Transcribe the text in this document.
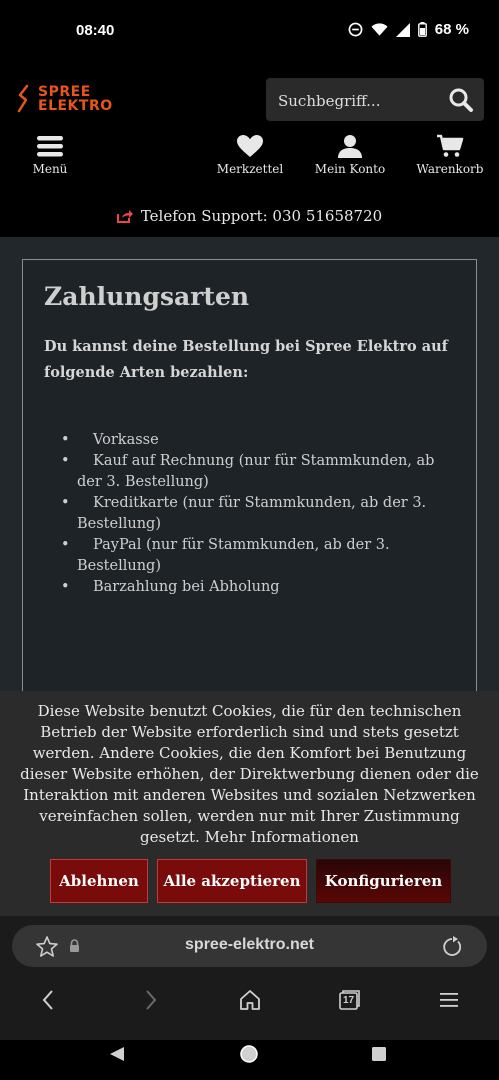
08:40	68 %
SPREE
ELEKTRO
Suchbegriff...
Menü	Merkzettel	Mein Konto	Warenkorb
Telefon Support: 030 51658720
Zahlungsarten
Du kannst deine Bestellung bei Spree Elektro auf folgende Arten bezahlen:
• Vorkasse
• Kauf auf Rechnung (nur für Stammkunden, ab der 3. Bestellung)
• Kreditkarte (nur für Stammkunden, ab der 3. Bestellung)
• PayPal (nur für Stammkunden, ab der 3. Bestellung)
• Barzahlung bei Abholung
Diese Website benutzt Cookies, die für den technischen Betrieb der Website erforderlich sind und stets gesetzt werden. Andere Cookies, die den Komfort bei Benutzung dieser Website erhöhen, der Direktwerbung dienen oder die Interaktion mit anderen Websites und sozialen Netzwerken vereinfachen sollen, werden nur mit Ihrer Zustimmung gesetzt. Mehr Informationen
Ablehnen	Alle akzeptieren	Konfigurieren
spree-elektro.net
17
